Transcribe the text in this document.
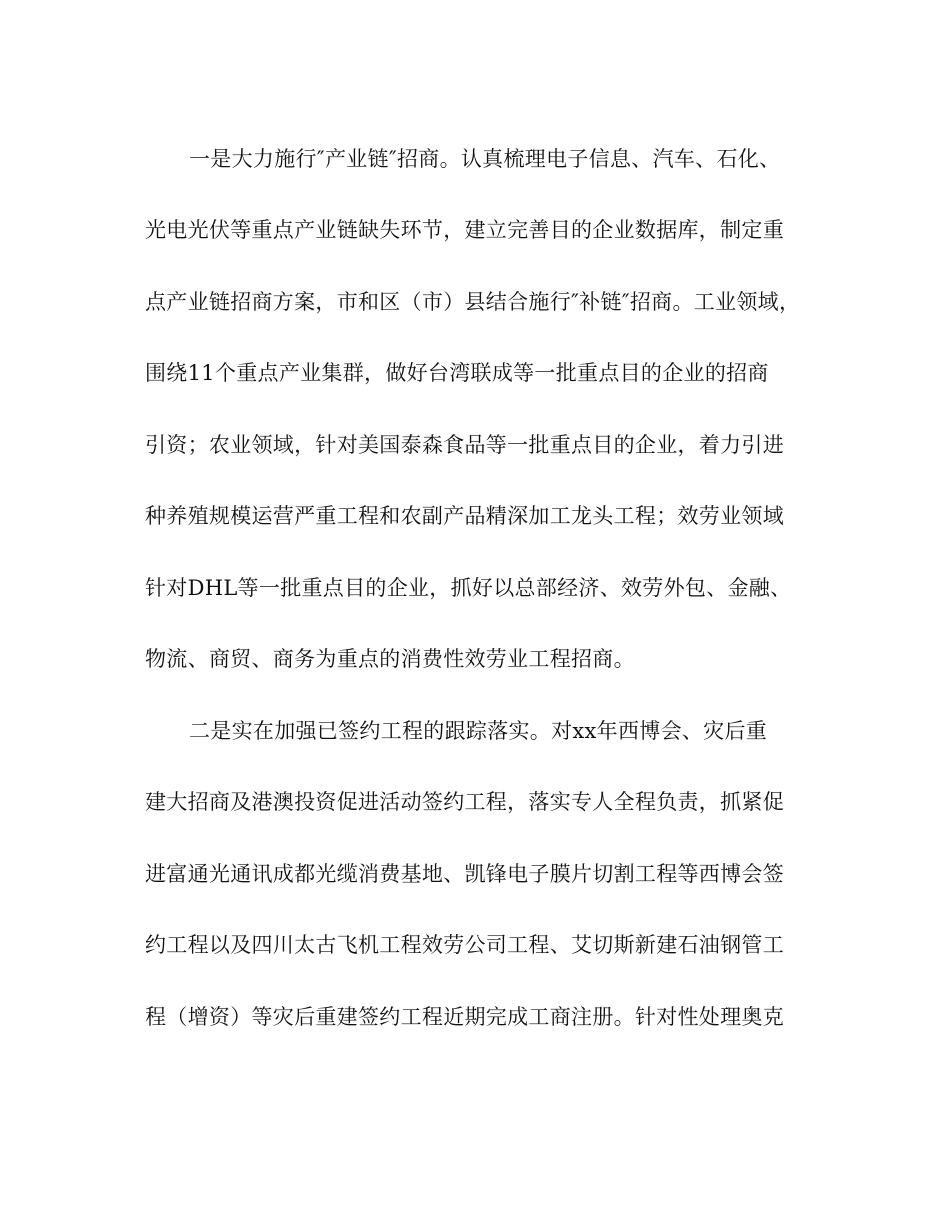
一是大力施行″产业链″招商。认真梳理电子信息、汽车、石化、
光电光伏等重点产业链缺失环节，建立完善目的企业数据库，制定重
点产业链招商方案，市和区（市）县结合施行″补链″招商。工业领域，
围绕11个重点产业集群，做好台湾联成等一批重点目的企业的招商
引资；农业领域，针对美国泰森食品等一批重点目的企业，着力引进
种养殖规模运营严重工程和农副产品精深加工龙头工程；效劳业领域
针对DHL等一批重点目的企业，抓好以总部经济、效劳外包、金融、
物流、商贸、商务为重点的消费性效劳业工程招商。
二是实在加强已签约工程的跟踪落实。对xx年西博会、灾后重
建大招商及港澳投资促进活动签约工程，落实专人全程负责，抓紧促
进富通光通讯成都光缆消费基地、凯锋电子膜片切割工程等西博会签
约工程以及四川太古飞机工程效劳公司工程、艾切斯新建石油钢管工
程（增资）等灾后重建签约工程近期完成工商注册。针对性处理奥克
